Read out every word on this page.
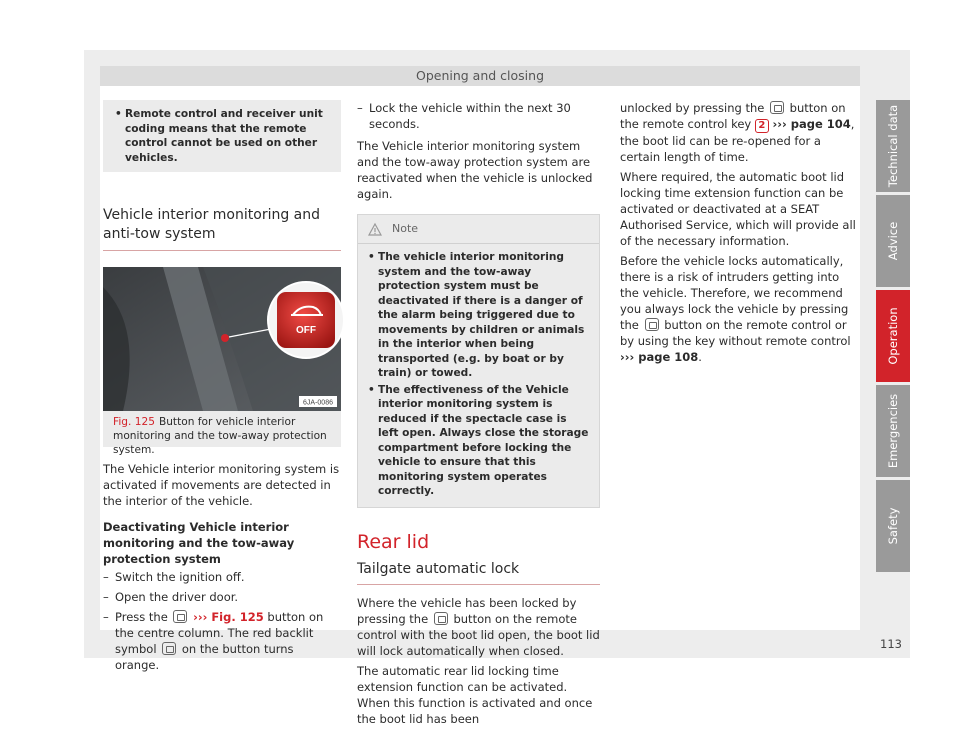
Opening and closing
• Remote control and receiver unit coding means that the remote control cannot be used on other vehicles.
Vehicle interior monitoring and anti-tow system
OFF
6JA-0086
Fig. 125 Button for vehicle interior monitoring and the tow-away protection system.

The Vehicle interior monitoring system is activated if movements are detected in the interior of the vehicle.

Deactivating Vehicle interior monitoring and the tow-away protection system

– Switch the ignition off.
– Open the driver door.
– Press the ››› Fig. 125 button on the centre column. The red backlit symbol on the button turns orange.
– Lock the vehicle within the next 30 seconds.

The Vehicle interior monitoring system and the tow-away protection system are reactivated when the vehicle is unlocked again.

Note
• The vehicle interior monitoring system and the tow-away protection system must be deactivated if there is a danger of the alarm being triggered due to movements by children or animals in the interior when being transported (e.g. by boat or by train) or towed.
• The effectiveness of the Vehicle interior monitoring system is reduced if the spectacle case is left open. Always close the storage compartment before locking the vehicle to ensure that this monitoring system operates correctly.
Rear lid
Tailgate automatic lock

Where the vehicle has been locked by pressing the button on the remote control with the boot lid open, the boot lid will lock automatically when closed.

The automatic rear lid locking time extension function can be activated. When this function is activated and once the boot lid has been

unlocked by pressing the button on the remote control key 2 ››› page 104, the boot lid can be re-opened for a certain length of time.

Where required, the automatic boot lid locking time extension function can be activated or deactivated at a SEAT Authorised Service, which will provide all of the necessary information.

Before the vehicle locks automatically, there is a risk of intruders getting into the vehicle. Therefore, we recommend you always lock the vehicle by pressing the button on the remote control or by using the key without remote control ››› page 108.

Technical data
Advice
Operation
Emergencies
Safety
113
